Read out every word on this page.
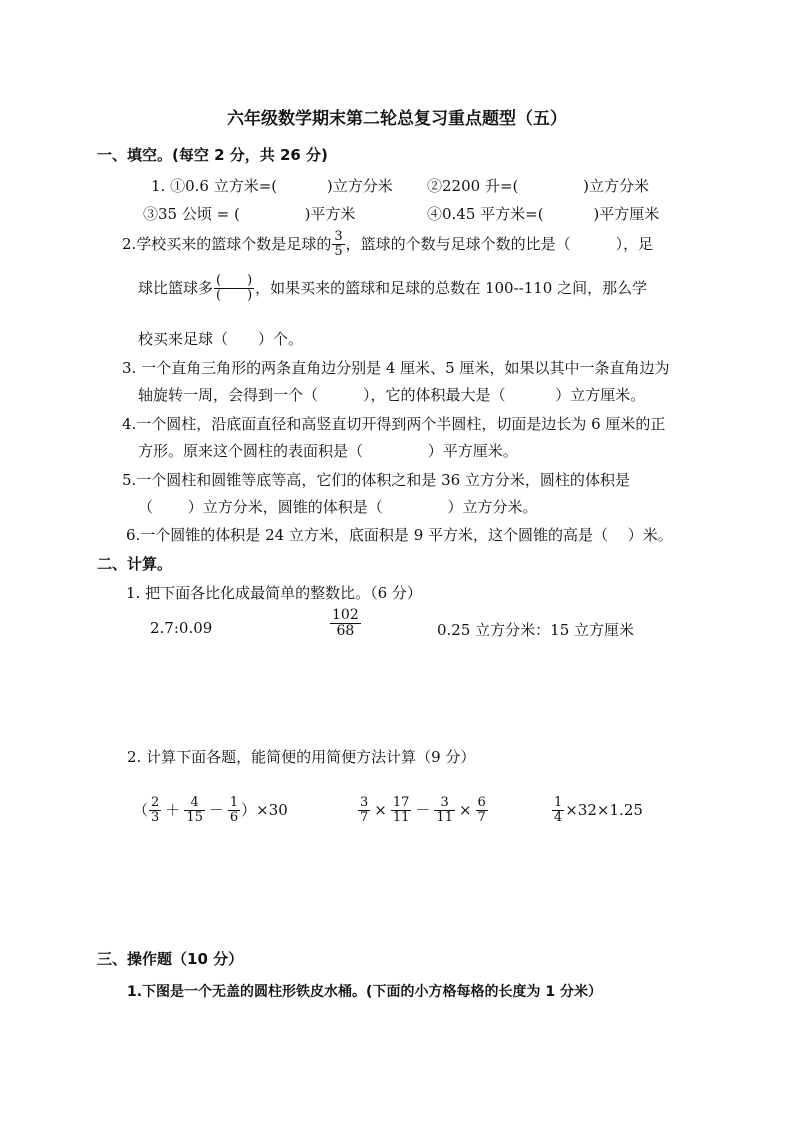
六年级数学期末第二轮总复习重点题型（五）
一、填空。(每空 2 分，共 26 分)
1. ①0.6 立方米=(　　　 )立方分米 ②2200 升=(　　　　 )立方分米
③35 公顷 = (　　　　 )平方米	④0.45 平方米=(　　　 )平方厘米
2.学校买来的篮球个数是足球的 $\frac{3}{5}$ ，篮球的个数与足球个数的比是（　　　），足
球比篮球多 $\frac{( )}{( )}$ ，如果买来的篮球和足球的总数在 100--110 之间，那么学
校买来足球（　　）个。
3. 一个直角三角形的两条直角边分别是 4 厘米、5 厘米，如果以其中一条直角边为
轴旋转一周，会得到一个（　　　），它的体积最大是（　　　 ）立方厘米。
4.一个圆柱，沿底面直径和高竖直切开得到两个半圆柱，切面是边长为 6 厘米的正
方形。原来这个圆柱的表面积是（　　　　 ）平方厘米。
5.一个圆柱和圆锥等底等高，它们的体积之和是 36 立方分米，圆柱的体积是
（　　 ）立方分米，圆锥的体积是（　　　　 ）立方分米。
6.一个圆锥的体积是 24 立方米，底面积是 9 平方米，这个圆锥的高是（　 ）米。
二、计算。
1. 把下面各比化成最简单的整数比。（6 分）
2.7:0.09	$\frac{102}{68}$	0.25 立方分米：15 立方厘米
2. 计算下面各题，能简便的用简便方法计算（9 分）
（ $\frac{2}{3} + \frac{4}{15} - \frac{1}{6} )\times 30$	$\frac{3}{7} \times \frac{17}{11} - \frac{3}{11} \times \frac{6}{7}$	$\frac{1}{4} \times 32\times 1.25$
三、操作题（10 分）
1.下图是一个无盖的圆柱形铁皮水桶。(下面的小方格每格的长度为 1 分米）
